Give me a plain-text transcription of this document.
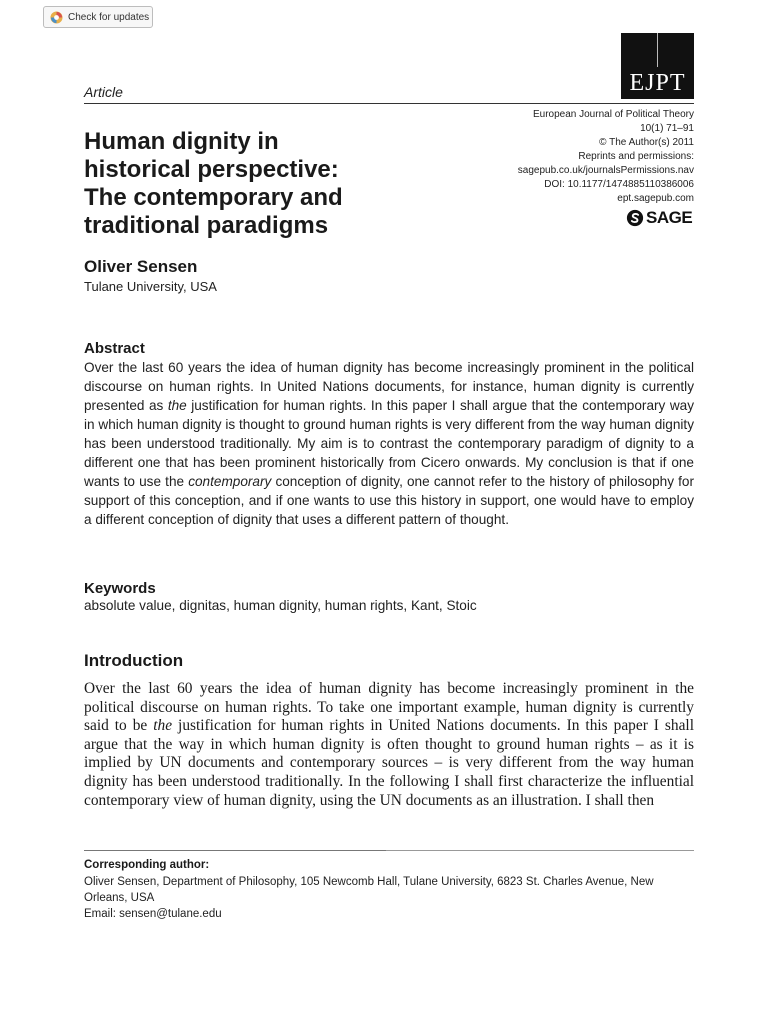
Check for updates
EJPT
Article
European Journal of Political Theory
10(1) 71–91
© The Author(s) 2011
Reprints and permissions:
sagepub.co.uk/journalsPermissions.nav
DOI: 10.1177/1474885110386006
ept.sagepub.com
SAGE
Human dignity in
historical perspective:
The contemporary and
traditional paradigms
Oliver Sensen
Tulane University, USA
Abstract

Over the last 60 years the idea of human dignity has become increasingly prominent in the political discourse on human rights. In United Nations documents, for instance, human dignity is currently presented as the justification for human rights. In this paper I shall argue that the contemporary way in which human dignity is thought to ground human rights is very different from the way human dignity has been understood traditionally. My aim is to contrast the contemporary paradigm of dignity to a different one that has been prominent historically from Cicero onwards. My conclusion is that if one wants to use the contemporary conception of dignity, one cannot refer to the history of philosophy for support of this conception, and if one wants to use this history in support, one would have to employ a different conception of dignity that uses a different pattern of thought.

Keywords
absolute value, dignitas, human dignity, human rights, Kant, Stoic
Introduction

Over the last 60 years the idea of human dignity has become increasingly prominent in the political discourse on human rights. To take one important example, human dignity is currently said to be the justification for human rights in United Nations documents. In this paper I shall argue that the way in which human dignity is often thought to ground human rights – as it is implied by UN documents and contemporary sources – is very different from the way human dignity has been understood traditionally. In the following I shall first characterize the influential contemporary view of human dignity, using the UN documents as an illustration. I shall then

Corresponding author:

Oliver Sensen, Department of Philosophy, 105 Newcomb Hall, Tulane University, 6823 St. Charles Avenue, New Orleans, USA
Email: sensen@tulane.edu
